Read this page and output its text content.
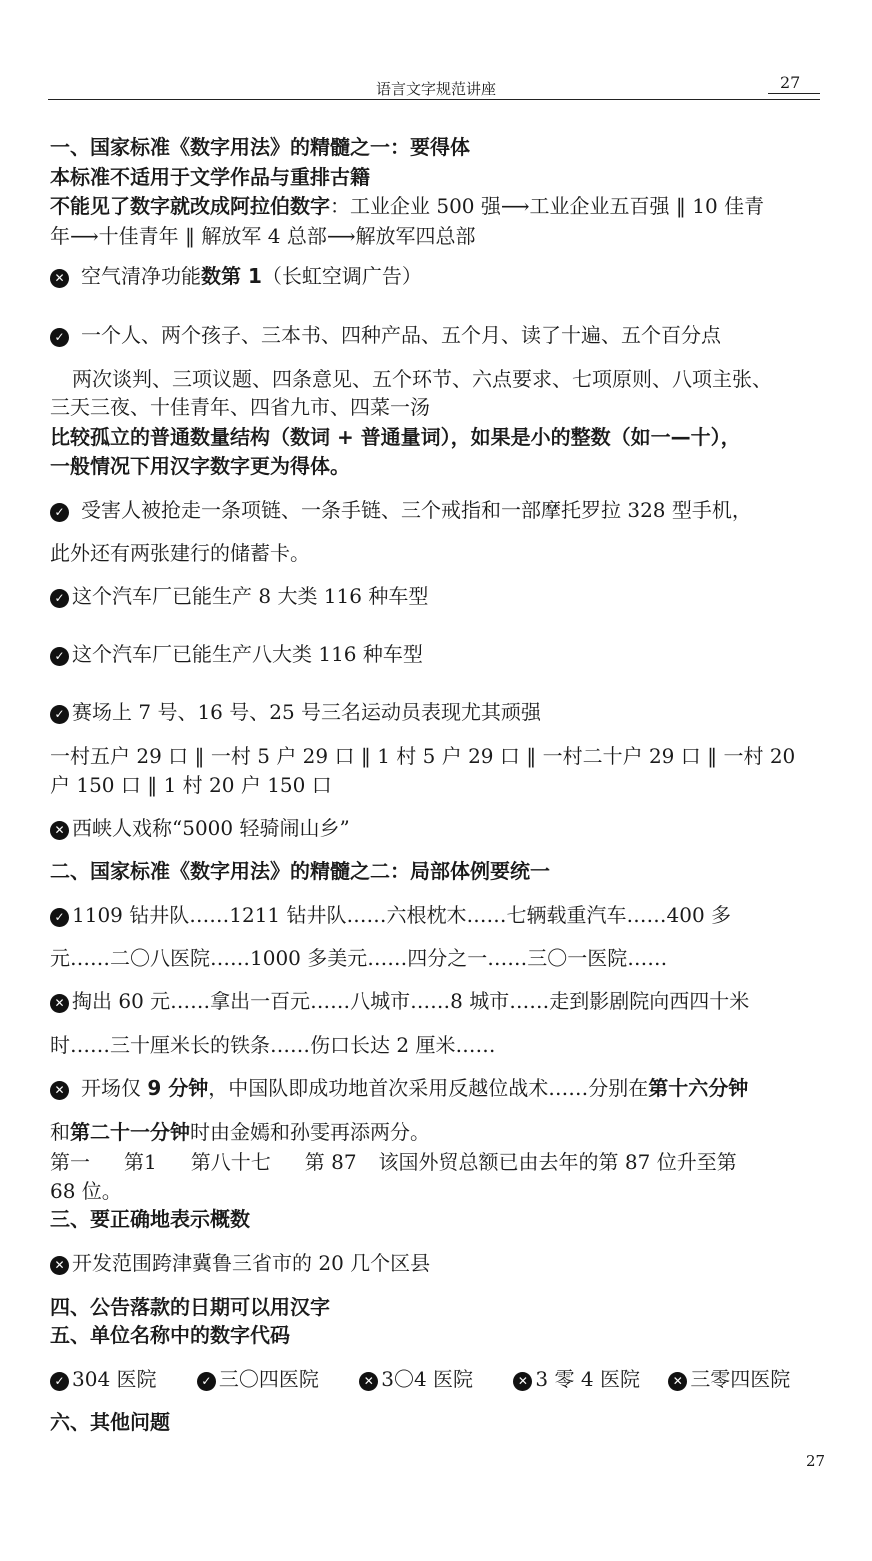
语言文字规范讲座	27
一、国家标准《数字用法》的精髓之一：要得体
本标准不适用于文学作品与重排古籍
不能见了数字就改成阿拉伯数字：工业企业 500 强⟶工业企业五百强 ‖ 10 佳青
年⟶十佳青年 ‖ 解放军 4 总部⟶解放军四总部
✕ 空气清净功能数第 1（长虹空调广告）
✓ 一个人、两个孩子、三本书、四种产品、五个月、读了十遍、五个百分点
两次谈判、三项议题、四条意见、五个环节、六点要求、七项原则、八项主张、
三天三夜、十佳青年、四省九市、四菜一汤
比较孤立的普通数量结构（数词 + 普通量词），如果是小的整数（如一—十），
一般情况下用汉字数字更为得体。
✓ 受害人被抢走一条项链、一条手链、三个戒指和一部摩托罗拉 328 型手机，
此外还有两张建行的储蓄卡。
✓ 这个汽车厂已能生产 8 大类 116 种车型
✓ 这个汽车厂已能生产八大类 116 种车型
✓ 赛场上 7 号、16 号、25 号三名运动员表现尤其顽强
一村五户 29 口 ‖ 一村 5 户 29 口 ‖ 1 村 5 户 29 口 ‖ 一村二十户 29 口 ‖ 一村 20
户 150 口 ‖ 1 村 20 户 150 口
✕ 西峡人戏称“5000 轻骑闹山乡”
二、国家标准《数字用法》的精髓之二：局部体例要统一
✓ 1109 钻井队……1211 钻井队……六根枕木……七辆载重汽车……400 多
元……二〇八医院……1000 多美元……四分之一……三〇一医院……
✕ 掏出 60 元……拿出一百元……八城市……8 城市……走到影剧院向西四十米
时……三十厘米长的铁条……伤口长达 2 厘米……
✕ 开场仅 9 分钟，中国队即成功地首次采用反越位战术……分别在第十六分钟
和第二十一分钟时由金嫣和孙雯再添两分。
第一 第1 第八十七 第 87 该国外贸总额已由去年的第 87 位升至第
68 位。
三、要正确地表示概数
✕ 开发范围跨津冀鲁三省市的 20 几个区县
四、公告落款的日期可以用汉字
五、单位名称中的数字代码
✓ 304 医院	✓ 三〇四医院	✕ 3〇4 医院	✕ 3 零 4 医院	✕ 三零四医院
六、其他问题
27
